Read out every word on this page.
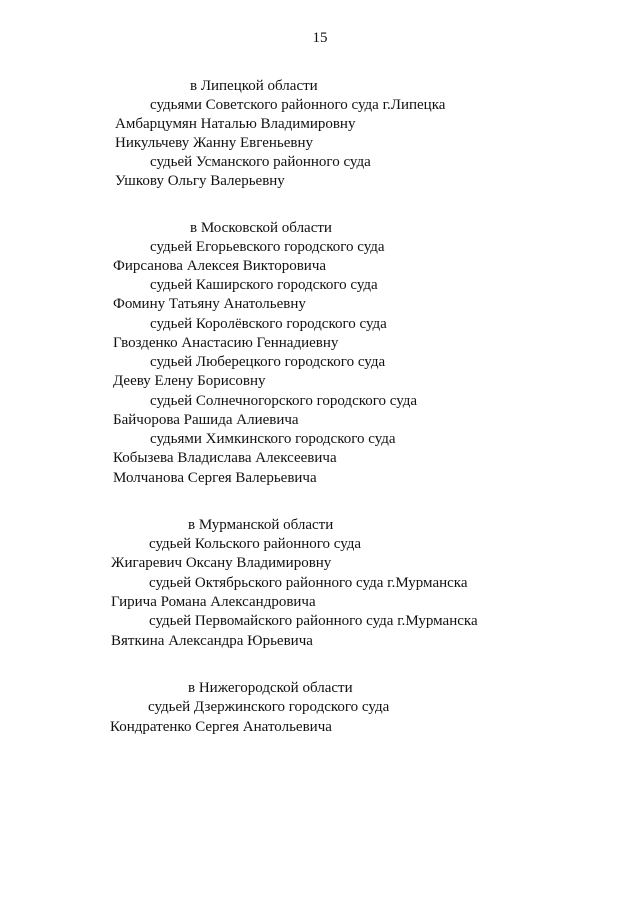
15
в Липецкой области
судьями Советского районного суда г.Липецка
Амбарцумян Наталью Владимировну
Никульчеву Жанну Евгеньевну
судьей Усманского районного суда
Ушкову Ольгу Валерьевну
в Московской области
судьей Егорьевского городского суда
Фирсанова Алексея Викторовича
судьей Каширского городского суда
Фомину Татьяну Анатольевну
судьей Королёвского городского суда
Гвозденко Анастасию Геннадиевну
судьей Люберецкого городского суда
Дееву Елену Борисовну
судьей Солнечногорского городского суда
Байчорова Рашида Алиевича
судьями Химкинского городского суда
Кобызева Владислава Алексеевича
Молчанова Сергея Валерьевича
в Мурманской области
судьей Кольского районного суда
Жигаревич Оксану Владимировну
судьей Октябрьского районного суда г.Мурманска
Гирича Романа Александровича
судьей Первомайского районного суда г.Мурманска
Вяткина Александра Юрьевича
в Нижегородской области
судьей Дзержинского городского суда
Кондратенко Сергея Анатольевича
